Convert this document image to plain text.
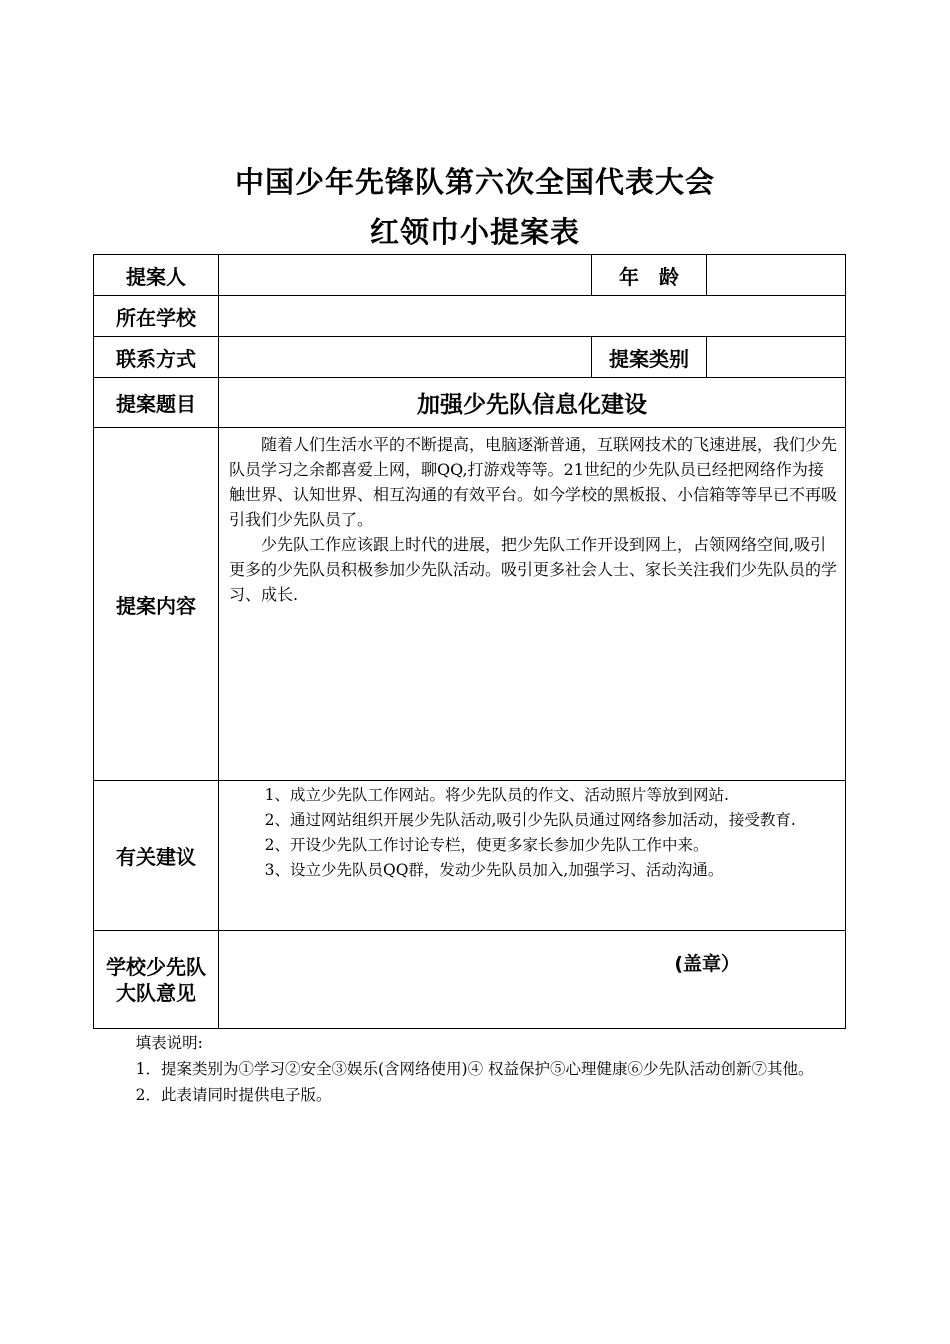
中国少年先锋队第六次全国代表大会
红领巾小提案表
提案人		年　龄	
所在学校			
联系方式		提案类别	
提案题目	加强少先队信息化建设		
提案内容	随着人们生活水平的不断提高，电脑逐渐普通，互联网技术的飞速进展，我们少先队员学习之余都喜爱上网，聊QQ,打游戏等等。21世纪的少先队员已经把网络作为接触世界、认知世界、相互沟通的有效平台。如今学校的黑板报、小信箱等等早已不再吸引我们少先队员了。

少先队工作应该跟上时代的进展，把少先队工作开设到网上，占领网络空间,吸引更多的少先队员积极参加少先队活动。吸引更多社会人士、家长关注我们少先队员的学习、成长.		

有关建议	1、成立少先队工作网站。将少先队员的作文、活动照片等放到网站.

2、通过网站组织开展少先队活动,吸引少先队员通过网络参加活动，接受教育.

2、开设少先队工作讨论专栏，使更多家长参加少先队工作中来。

3、设立少先队员QQ群，发动少先队员加入,加强学习、活动沟通。		

学校少先队
大队意见	(盖章）		

填表说明:

1．提案类别为①学习②安全③娱乐(含网络使用)④ 权益保护⑤心理健康⑥少先队活动创新⑦其他。

2．此表请同时提供电子版。
